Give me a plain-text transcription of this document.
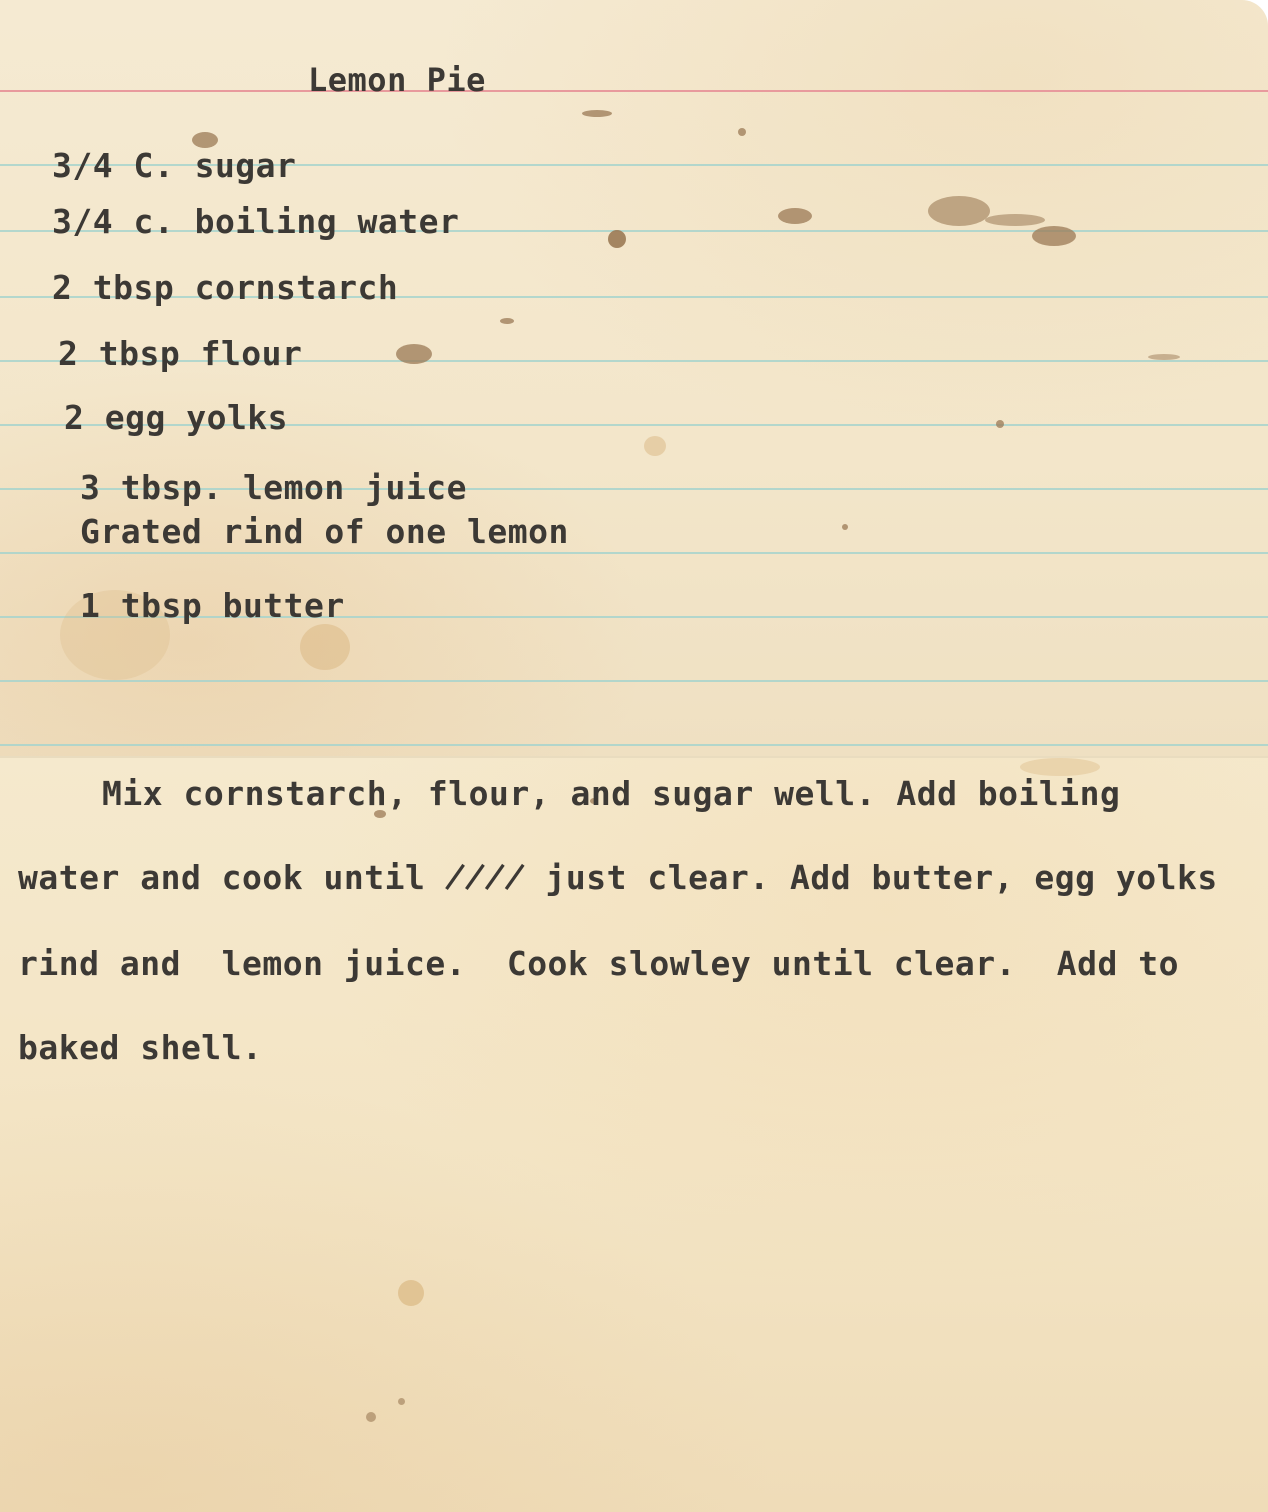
Lemon Pie
3/4 C. sugar
3/4 c. boiling water
2 tbsp cornstarch
2 tbsp flour
2 egg yolks
3 tbsp. lemon juice
Grated rind of one lemon
1 tbsp butter
Mix cornstarch, flour, and sugar well. Add boiling
water and cook until ̸̸̸̸ just clear. Add butter, egg yolks
rind and  lemon juice.  Cook slowley until clear.  Add to
baked shell.
